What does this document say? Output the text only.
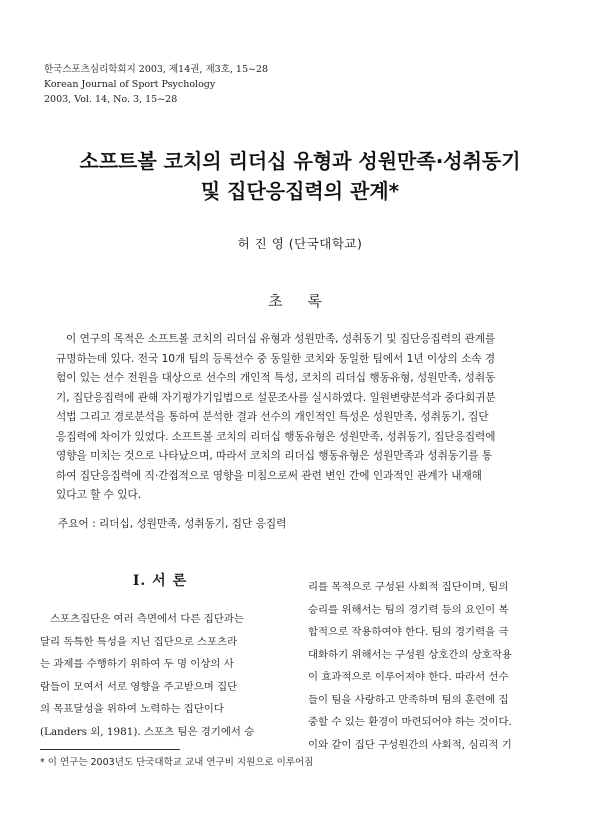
한국스포츠심리학회지 2003, 제14권, 제3호, 15~28
Korean Journal of Sport Psychology
2003, Vol. 14, No. 3, 15~28
소프트볼 코치의 리더십 유형과 성원만족·성취동기
및 집단응집력의 관계*
허 진 영 (단국대학교)
초 록
이 연구의 목적은 소프트볼 코치의 리더십 유형과 성원만족, 성취동기 및 집단응집력의 관계를
규명하는데 있다. 전국 10개 팀의 등록선수 중 동일한 코치와 동일한 팀에서 1년 이상의 소속 경
험이 있는 선수 전원을 대상으로 선수의 개인적 특성, 코치의 리더십 행동유형, 성원만족, 성취동
기, 집단응집력에 관해 자기평가기입법으로 설문조사를 실시하였다. 일원변량분석과 중다회귀분
석법 그리고 경로분석을 통하여 분석한 결과 선수의 개인적인 특성은 성원만족, 성취동기, 집단
응집력에 차이가 있었다. 소프트볼 코치의 리더십 행동유형은 성원만족, 성취동기, 집단응집력에
영향을 미치는 것으로 나타났으며, 따라서 코치의 리더십 행동유형은 성원만족과 성취동기를 통
하여 집단응집력에 직·간접적으로 영향을 미침으로써 관련 변인 간에 인과적인 관계가 내재해
있다고 할 수 있다.
주요어 : 리더십, 성원만족, 성취동기, 집단 응집력
Ⅰ. 서 론
스포츠집단은 여러 측면에서 다른 집단과는
달리 독특한 특성을 지닌 집단으로 스포츠라
는 과제를 수행하기 위하여 두 명 이상의 사
람들이 모여서 서로 영향을 주고받으며 집단
의 목표달성을 위하여 노력하는 집단이다
(Landers 외, 1981). 스포츠 팀은 경기에서 승
리를 목적으로 구성된 사회적 집단이며, 팀의
승리를 위해서는 팀의 경기력 등의 요인이 복
합적으로 작용하여야 한다. 팀의 경기력을 극
대화하기 위해서는 구성원 상호간의 상호작용
이 효과적으로 이루어져야 한다. 따라서 선수
들이 팀을 사랑하고 만족하며 팀의 훈련에 집
중할 수 있는 환경이 마련되어야 하는 것이다.
이와 같이 집단 구성원간의 사회적, 심리적 기
* 이 연구는 2003년도 단국대학교 교내 연구비 지원으로 이루어짐
